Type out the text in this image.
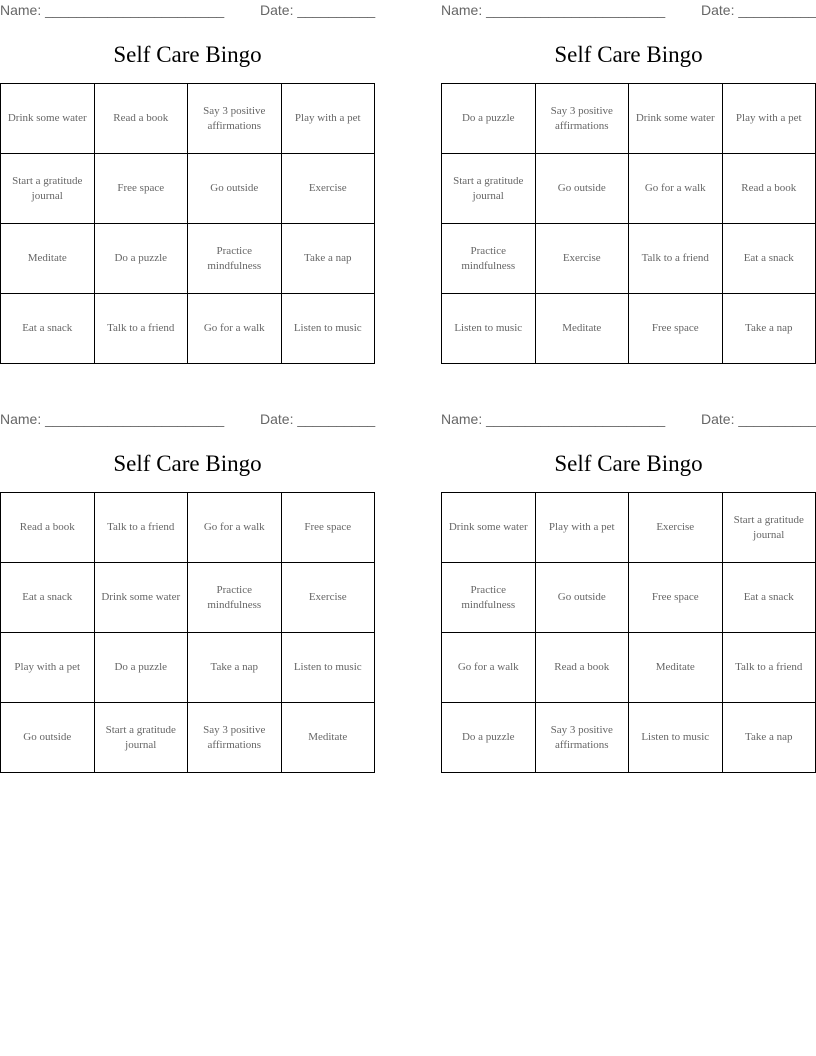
Name: _______________________	Date: __________
Self Care Bingo
Drink some water	Read a book	Say 3 positive affirmations	Play with a pet
Start a gratitude journal	Free space	Go outside	Exercise
Meditate	Do a puzzle	Practice mindfulness	Take a nap
Eat a snack	Talk to a friend	Go for a walk	Listen to music
Name: _______________________	Date: __________
Self Care Bingo
Do a puzzle	Say 3 positive affirmations	Drink some water	Play with a pet
Start a gratitude journal	Go outside	Go for a walk	Read a book
Practice mindfulness	Exercise	Talk to a friend	Eat a snack
Listen to music	Meditate	Free space	Take a nap
Name: _______________________	Date: __________
Self Care Bingo
Read a book	Talk to a friend	Go for a walk	Free space
Eat a snack	Drink some water	Practice mindfulness	Exercise
Play with a pet	Do a puzzle	Take a nap	Listen to music
Go outside	Start a gratitude journal	Say 3 positive affirmations	Meditate
Name: _______________________	Date: __________
Self Care Bingo
Drink some water	Play with a pet	Exercise	Start a gratitude journal
Practice mindfulness	Go outside	Free space	Eat a snack
Go for a walk	Read a book	Meditate	Talk to a friend
Do a puzzle	Say 3 positive affirmations	Listen to music	Take a nap
